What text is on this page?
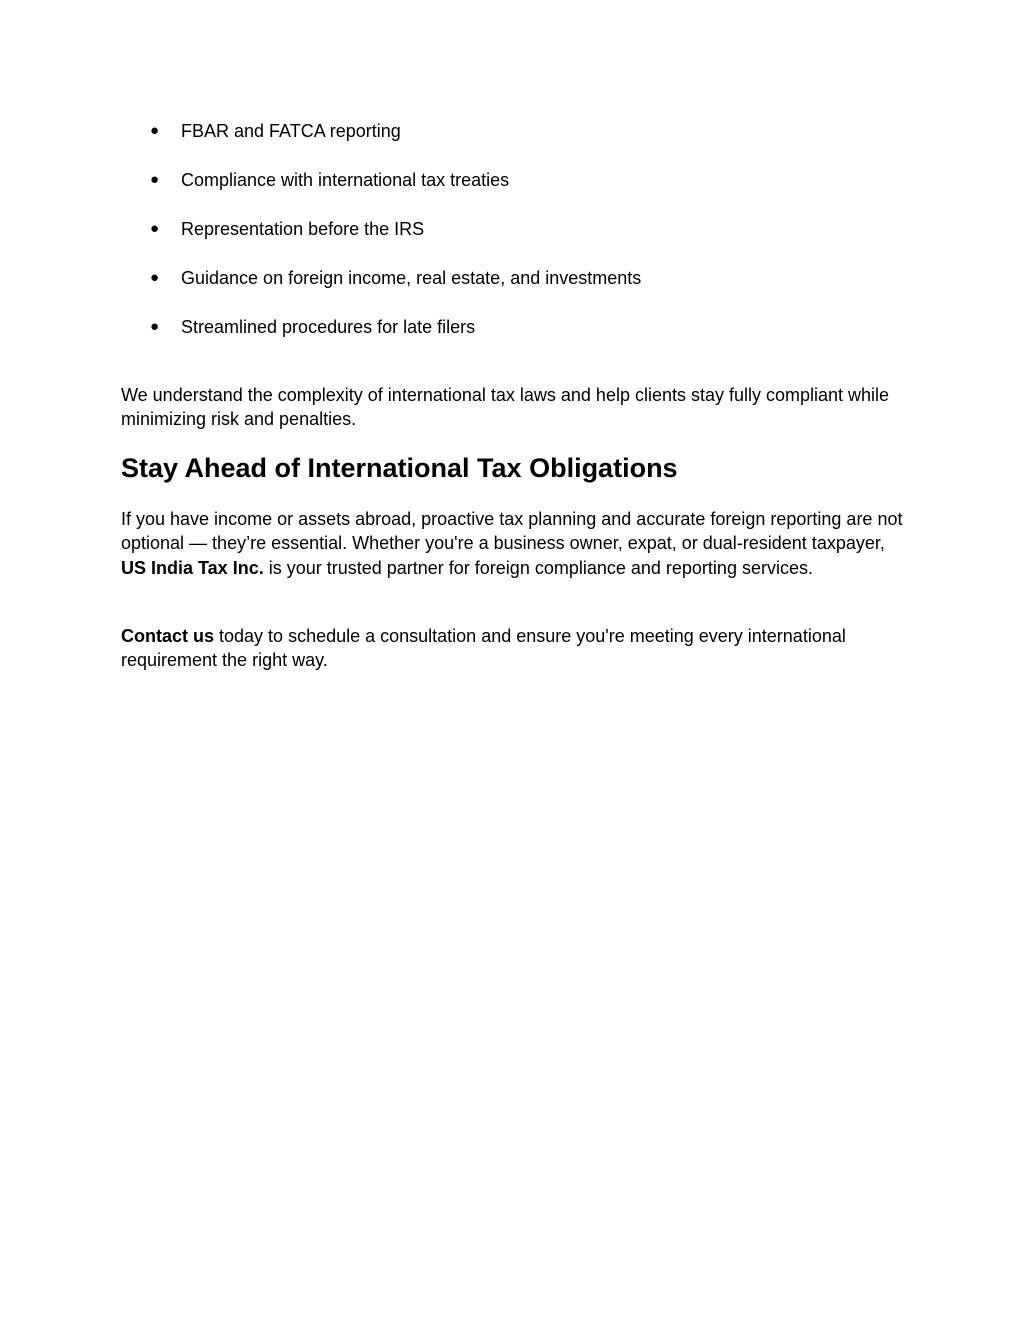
●	FBAR and FATCA reporting
●	Compliance with international tax treaties
●	Representation before the IRS
●	Guidance on foreign income, real estate, and investments
●	Streamlined procedures for late filers

We understand the complexity of international tax laws and help clients stay fully compliant while minimizing risk and penalties.

Stay Ahead of International Tax Obligations

If you have income or assets abroad, proactive tax planning and accurate foreign reporting are not optional — they’re essential. Whether you're a business owner, expat, or dual-resident taxpayer, US India Tax Inc. is your trusted partner for foreign compliance and reporting services.

Contact us today to schedule a consultation and ensure you're meeting every international requirement the right way.
